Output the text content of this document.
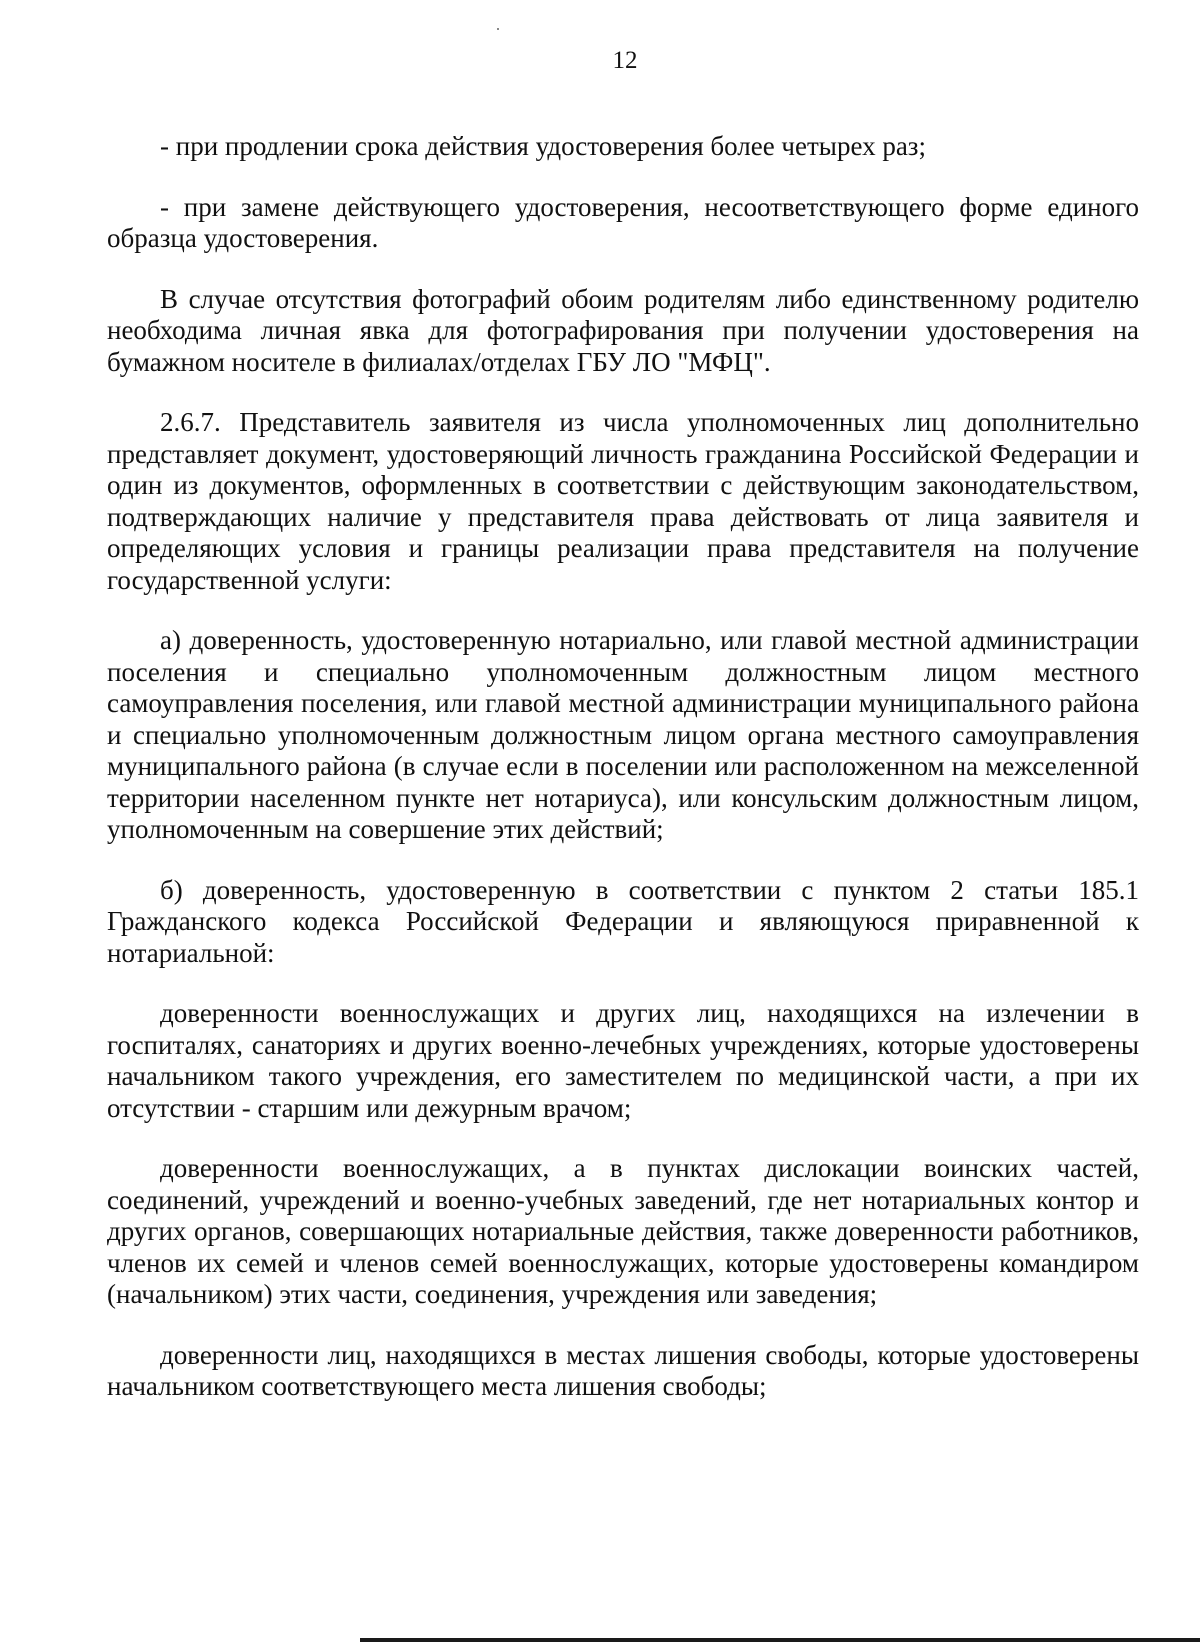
12

- при продлении срока действия удостоверения более четырех раз;

- при замене действующего удостоверения, несоответствующего форме единого образца удостоверения.

В случае отсутствия фотографий обоим родителям либо единственному родителю необходима личная явка для фотографирования при получении удостоверения на бумажном носителе в филиалах/отделах ГБУ ЛО "МФЦ".

2.6.7. Представитель заявителя из числа уполномоченных лиц дополнительно представляет документ, удостоверяющий личность гражданина Российской Федерации и один из документов, оформленных в соответствии с действующим законодательством, подтверждающих наличие у представителя права действовать от лица заявителя и определяющих условия и границы реализации права представителя на получение государственной услуги:

а) доверенность, удостоверенную нотариально, или главой местной администрации поселения и специально уполномоченным должностным лицом местного самоуправления поселения, или главой местной администрации муниципального района и специально уполномоченным должностным лицом органа местного самоуправления муниципального района (в случае если в поселении или расположенном на межселенной территории населенном пункте нет нотариуса), или консульским должностным лицом, уполномоченным на совершение этих действий;

б) доверенность, удостоверенную в соответствии с пунктом 2 статьи 185.1 Гражданского кодекса Российской Федерации и являющуюся приравненной к нотариальной:

доверенности военнослужащих и других лиц, находящихся на излечении в госпиталях, санаториях и других военно-лечебных учреждениях, которые удостоверены начальником такого учреждения, его заместителем по медицинской части, а при их отсутствии - старшим или дежурным врачом;

доверенности военнослужащих, а в пунктах дислокации воинских частей, соединений, учреждений и военно-учебных заведений, где нет нотариальных контор и других органов, совершающих нотариальные действия, также доверенности работников, членов их семей и членов семей военнослужащих, которые удостоверены командиром (начальником) этих части, соединения, учреждения или заведения;

доверенности лиц, находящихся в местах лишения свободы, которые удостоверены начальником соответствующего места лишения свободы;
